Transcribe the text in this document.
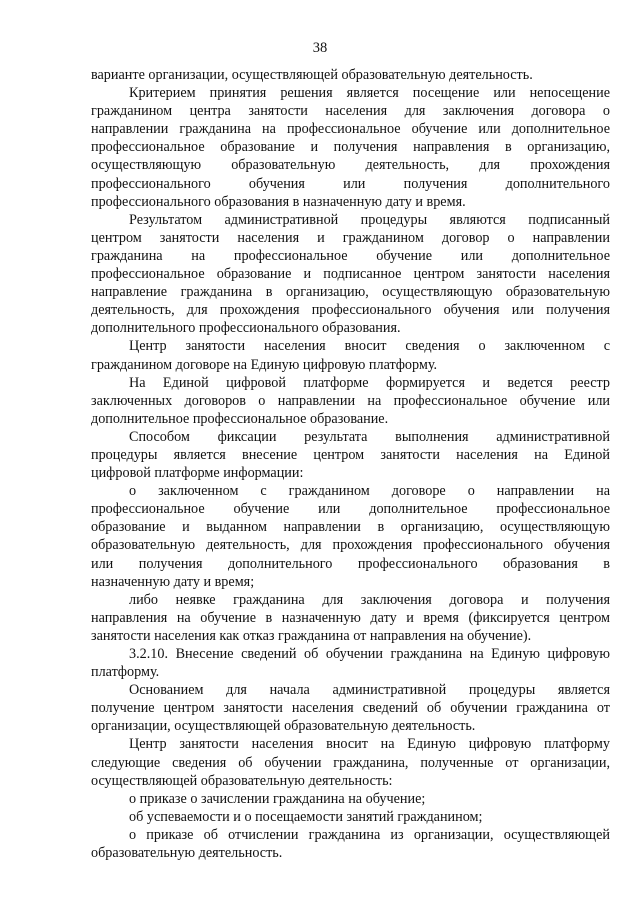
38
варианте организации, осуществляющей образовательную деятельность.
Критерием принятия решения является посещение или непосещение
гражданином центра занятости населения для заключения договора о
направлении гражданина на профессиональное обучение или дополнительное
профессиональное образование и получения направления в организацию,
осуществляющую образовательную деятельность, для прохождения
профессионального обучения или получения дополнительного
профессионального образования в назначенную дату и время.
Результатом административной процедуры являются подписанный
центром занятости населения и гражданином договор о направлении
гражданина на профессиональное обучение или дополнительное
профессиональное образование и подписанное центром занятости населения
направление гражданина в организацию, осуществляющую образовательную
деятельность, для прохождения профессионального обучения или получения
дополнительного профессионального образования.
Центр занятости населения вносит сведения о заключенном с
гражданином договоре на Единую цифровую платформу.
На Единой цифровой платформе формируется и ведется реестр
заключенных договоров о направлении на профессиональное обучение или
дополнительное профессиональное образование.
Способом фиксации результата выполнения административной
процедуры является внесение центром занятости населения на Единой
цифровой платформе информации:
о заключенном с гражданином договоре о направлении на
профессиональное обучение или дополнительное профессиональное
образование и выданном направлении в организацию, осуществляющую
образовательную деятельность, для прохождения профессионального обучения
или получения дополнительного профессионального образования в
назначенную дату и время;
либо неявке гражданина для заключения договора и получения
направления на обучение в назначенную дату и время (фиксируется центром
занятости населения как отказ гражданина от направления на обучение).
3.2.10. Внесение сведений об обучении гражданина на Единую цифровую
платформу.
Основанием для начала административной процедуры является
получение центром занятости населения сведений об обучении гражданина от
организации, осуществляющей образовательную деятельность.
Центр занятости населения вносит на Единую цифровую платформу
следующие сведения об обучении гражданина, полученные от организации,
осуществляющей образовательную деятельность:
о приказе о зачислении гражданина на обучение;
об успеваемости и о посещаемости занятий гражданином;
о приказе об отчислении гражданина из организации, осуществляющей
образовательную деятельность.
